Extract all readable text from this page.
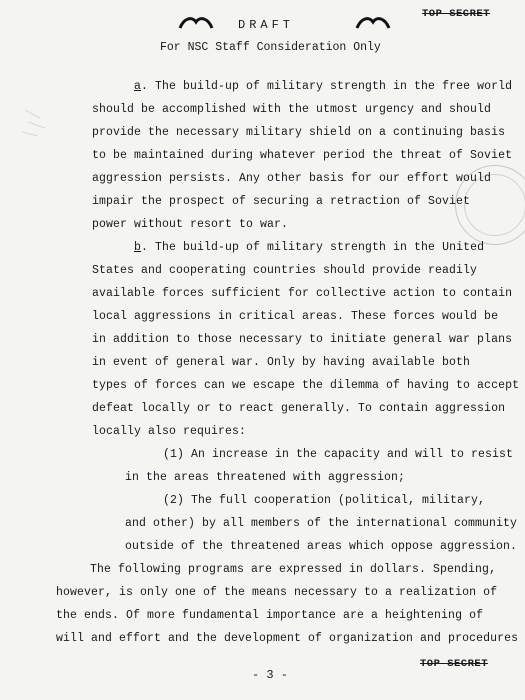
DRAFT
TOP SECRET
For NSC Staff Consideration Only
a. The build-up of military strength in the free world
should be accomplished with the utmost urgency and should
provide the necessary military shield on a continuing basis
to be maintained during whatever period the threat of Soviet
aggression persists. Any other basis for our effort would
impair the prospect of securing a retraction of Soviet
power without resort to war.
b. The build-up of military strength in the United
States and cooperating countries should provide readily
available forces sufficient for collective action to contain
local aggressions in critical areas. These forces would be
in addition to those necessary to initiate general war plans
in event of general war. Only by having available both
types of forces can we escape the dilemma of having to accept
defeat locally or to react generally. To contain aggression
locally also requires:
(1) An increase in the capacity and will to resist
in the areas threatened with aggression;
(2) The full cooperation (political, military,
and other) by all members of the international community
outside of the threatened areas which oppose aggression.
The following programs are expressed in dollars. Spending,
however, is only one of the means necessary to a realization of
the ends. Of more fundamental importance are a heightening of
will and effort and the development of organization and procedures
- 3 -
TOP SECRET
